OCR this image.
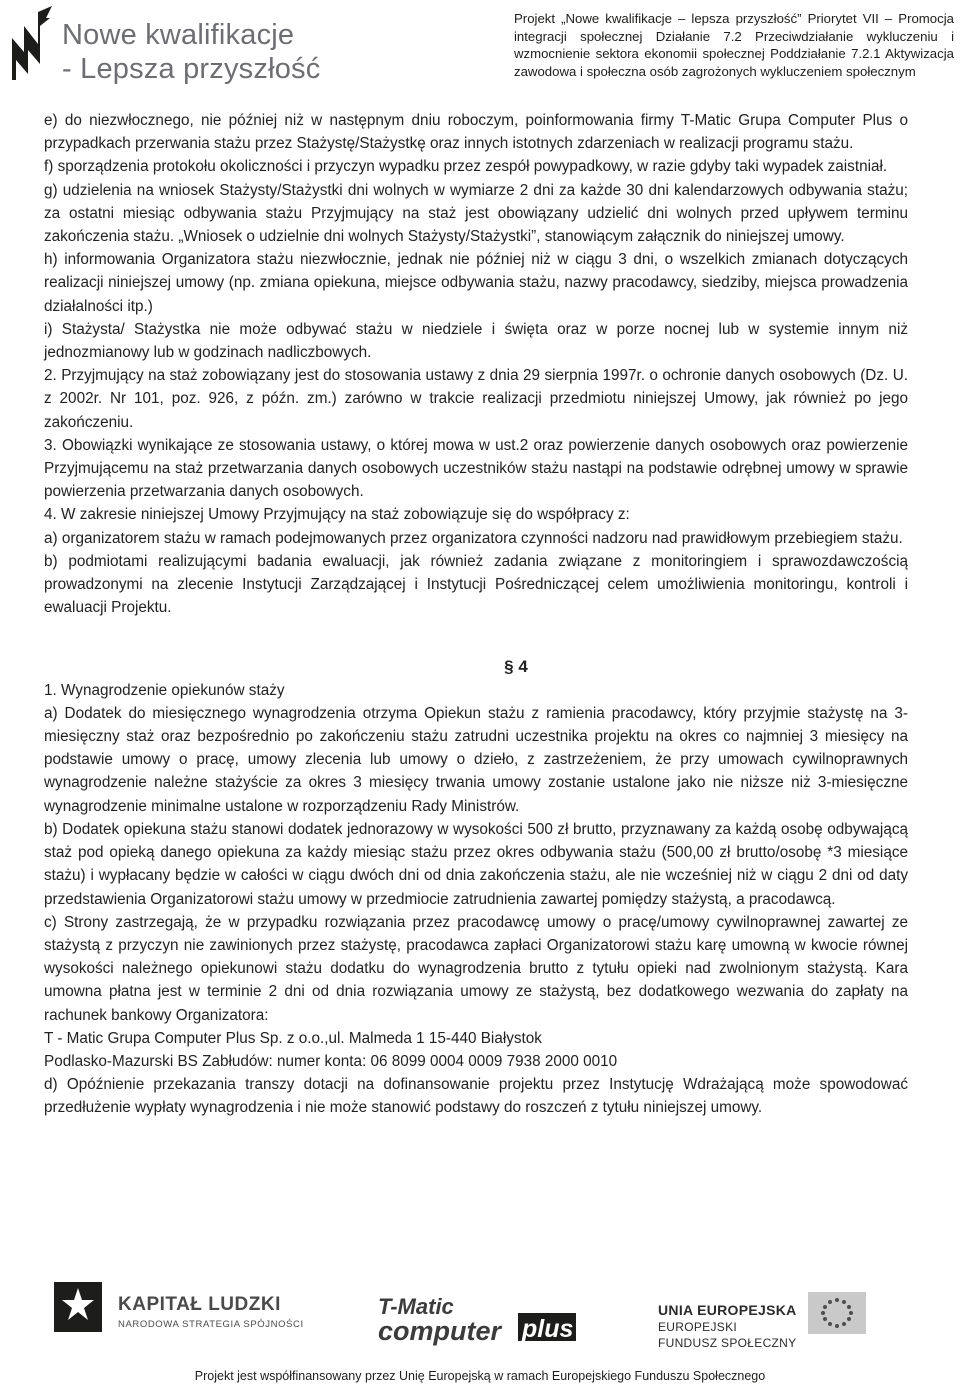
Nowe kwalifikacje
- Lepsza przyszłość
Projekt „Nowe kwalifikacje – lepsza przyszłość” Priorytet VII – Promocja
integracji społecznej Działanie 7.2 Przeciwdziałanie wykluczeniu i
wzmocnienie sektora ekonomii społecznej Poddziałanie 7.2.1 Aktywizacja
zawodowa i społeczna osób zagrożonych wykluczeniem społecznym

e) do niezwłocznego, nie później niż w następnym dniu roboczym, poinformowania firmy T-Matic Grupa Computer Plus o przypadkach przerwania stażu przez Stażystę/Stażystkę oraz innych istotnych zdarzeniach w realizacji programu stażu.

f) sporządzenia protokołu okoliczności i przyczyn wypadku przez zespół powypadkowy, w razie gdyby taki wypadek zaistniał.

g) udzielenia na wniosek Stażysty/Stażystki dni wolnych w wymiarze 2 dni za każde 30 dni kalendarzowych odbywania stażu; za ostatni miesiąc odbywania stażu Przyjmujący na staż jest obowiązany udzielić dni wolnych przed upływem terminu zakończenia stażu. „Wniosek o udzielnie dni wolnych Stażysty/Stażystki”, stanowiącym załącznik do niniejszej umowy.

h) informowania Organizatora stażu niezwłocznie, jednak nie później niż w ciągu 3 dni, o wszelkich zmianach dotyczących realizacji niniejszej umowy (np. zmiana opiekuna, miejsce odbywania stażu, nazwy pracodawcy, siedziby, miejsca prowadzenia działalności itp.)

i) Stażysta/ Stażystka nie może odbywać stażu w niedziele i święta oraz w porze nocnej lub w systemie innym niż jednozmianowy lub w godzinach nadliczbowych.

2. Przyjmujący na staż zobowiązany jest do stosowania ustawy z dnia 29 sierpnia 1997r. o ochronie danych osobowych (Dz. U. z 2002r. Nr 101, poz. 926, z późn. zm.) zarówno w trakcie realizacji przedmiotu niniejszej Umowy, jak również po jego zakończeniu.

3. Obowiązki wynikające ze stosowania ustawy, o której mowa w ust.2 oraz powierzenie danych osobowych oraz powierzenie Przyjmującemu na staż przetwarzania danych osobowych uczestników stażu nastąpi na podstawie odrębnej umowy w sprawie powierzenia przetwarzania danych osobowych.

4. W zakresie niniejszej Umowy Przyjmujący na staż zobowiązuje się do współpracy z:

a) organizatorem stażu w ramach podejmowanych przez organizatora czynności nadzoru nad prawidłowym przebiegiem stażu.

b) podmiotami realizującymi badania ewaluacji, jak również zadania związane z monitoringiem i sprawozdawczością prowadzonymi na zlecenie Instytucji Zarządzającej i Instytucji Pośredniczącej celem umożliwienia monitoringu, kontroli i ewaluacji Projektu.

§ 4

1. Wynagrodzenie opiekunów staży

a) Dodatek do miesięcznego wynagrodzenia otrzyma Opiekun stażu z ramienia pracodawcy, który przyjmie stażystę na 3-miesięczny staż oraz bezpośrednio po zakończeniu stażu zatrudni uczestnika projektu na okres co najmniej 3 miesięcy na podstawie umowy o pracę, umowy zlecenia lub umowy o dzieło, z zastrzeżeniem, że przy umowach cywilnoprawnych wynagrodzenie należne stażyście za okres 3 miesięcy trwania umowy zostanie ustalone jako nie niższe niż 3-miesięczne wynagrodzenie minimalne ustalone w rozporządzeniu Rady Ministrów.

b) Dodatek opiekuna stażu stanowi dodatek jednorazowy w wysokości 500 zł brutto, przyznawany za każdą osobę odbywającą staż pod opieką danego opiekuna za każdy miesiąc stażu przez okres odbywania stażu (500,00 zł brutto/osobę *3 miesiące stażu) i wypłacany będzie w całości w ciągu dwóch dni od dnia zakończenia stażu, ale nie wcześniej niż w ciągu 2 dni od daty przedstawienia Organizatorowi stażu umowy w przedmiocie zatrudnienia zawartej pomiędzy stażystą, a pracodawcą.

c) Strony zastrzegają, że w przypadku rozwiązania przez pracodawcę umowy o pracę/umowy cywilnoprawnej zawartej ze stażystą z przyczyn nie zawinionych przez stażystę, pracodawca zapłaci Organizatorowi stażu karę umowną w kwocie równej wysokości należnego opiekunowi stażu dodatku do wynagrodzenia brutto z tytułu opieki nad zwolnionym stażystą. Kara umowna płatna jest w terminie 2 dni od dnia rozwiązania umowy ze stażystą, bez dodatkowego wezwania do zapłaty na rachunek bankowy Organizatora:

T - Matic Grupa Computer Plus Sp. z o.o.,ul. Malmeda 1 15-440 Białystok

Podlasko-Mazurski BS Zabłudów: numer konta: 06 8099 0004 0009 7938 2000 0010

d) Opóźnienie przekazania transzy dotacji na dofinansowanie projektu przez Instytucję Wdrażającą może spowodować przedłużenie wypłaty wynagrodzenia i nie może stanowić podstawy do roszczeń z tytułu niniejszej umowy.

KAPITAŁ LUDZKI
NARODOWA STRATEGIA SPÓJNOŚCI
T-Matic
computer plus
UNIA EUROPEJSKA
EUROPEJSKI
FUNDUSZ SPOŁECZNY
Projekt jest współfinansowany przez Unię Europejską w ramach Europejskiego Funduszu Społecznego
